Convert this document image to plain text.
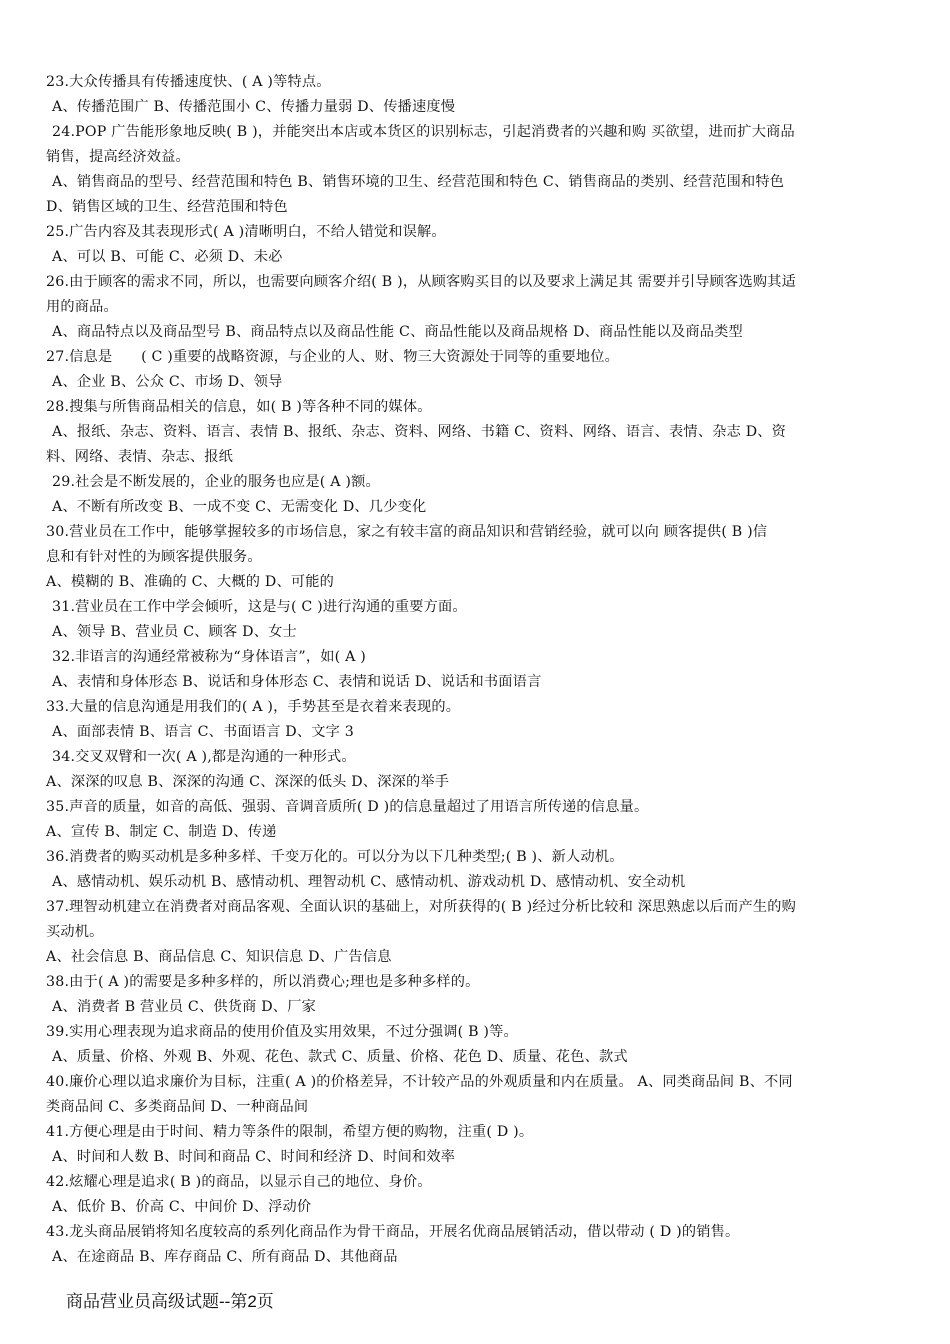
23.大众传播具有传播速度快、( A )等特点。
A、传播范围广 B、传播范围小 C、传播力量弱 D、传播速度慢
24.POP 广告能形象地反映( B )，并能突出本店或本货区的识别标志，引起消费者的兴趣和购 买欲望，进而扩大商品
销售，提高经济效益。
A、销售商品的型号、经营范围和特色 B、销售环境的卫生、经营范围和特色 C、销售商品的类别、经营范围和特色
D、销售区域的卫生、经营范围和特色
25.广告内容及其表现形式( A )清晰明白，不给人错觉和误解。
A、可以 B、可能 C、必须 D、未必
26.由于顾客的需求不同，所以，也需要向顾客介绍( B )，从顾客购买目的以及要求上满足其 需要并引导顾客选购其适
用的商品。
A、商品特点以及商品型号 B、商品特点以及商品性能 C、商品性能以及商品规格 D、商品性能以及商品类型
27.信息是　　( C )重要的战略资源，与企业的人、财、物三大资源处于同等的重要地位。
A、企业 B、公众 C、市场 D、领导
28.搜集与所售商品相关的信息，如( B )等各种不同的媒体。
A、报纸、杂志、资料、语言、表情 B、报纸、杂志、资料、网络、书籍 C、资料、网络、语言、表情、杂志 D、资
料、网络、表情、杂志、报纸
29.社会是不断发展的，企业的服务也应是( A )额。
A、不断有所改变 B、一成不变 C、无需变化 D、几少变化
30.营业员在工作中，能够掌握较多的市场信息，家之有较丰富的商品知识和营销经验，就可以向 顾客提供( B )信
息和有针对性的为顾客提供服务。
A、模糊的 B、准确的 C、大概的 D、可能的
31.营业员在工作中学会倾听，这是与( C )进行沟通的重要方面。
A、领导 B、营业员 C、顾客 D、女士
32.非语言的沟通经常被称为“身体语言”，如( A )
A、表情和身体形态 B、说话和身体形态 C、表情和说话 D、说话和书面语言
33.大量的信息沟通是用我们的( A )，手势甚至是衣着来表现的。
A、面部表情 B、语言 C、书面语言 D、文字 3
34.交叉双臂和一次( A ),都是沟通的一种形式。
A、深深的叹息 B、深深的沟通 C、深深的低头 D、深深的举手
35.声音的质量，如音的高低、强弱、音调音质所( D )的信息量超过了用语言所传递的信息量。
A、宣传 B、制定 C、制造 D、传递
36.消费者的购买动机是多种多样、千变万化的。可以分为以下几种类型;( B )、新人动机。
A、感情动机、娱乐动机 B、感情动机、理智动机 C、感情动机、游戏动机 D、感情动机、安全动机
37.理智动机建立在消费者对商品客观、全面认识的基础上，对所获得的( B )经过分析比较和 深思熟虑以后而产生的购
买动机。
A、社会信息 B、商品信息 C、知识信息 D、广告信息
38.由于( A )的需要是多种多样的，所以消费心;理也是多种多样的。
A、消费者 B 营业员 C、供货商 D、厂家
39.实用心理表现为追求商品的使用价值及实用效果，不过分强调( B )等。
A、质量、价格、外观 B、外观、花色、款式 C、质量、价格、花色 D、质量、花色、款式
40.廉价心理以追求廉价为目标，注重( A )的价格差异，不计较产品的外观质量和内在质量。 A、同类商品间 B、不同
类商品间 C、多类商品间 D、一种商品间
41.方便心理是由于时间、精力等条件的限制，希望方便的购物，注重( D )。
A、时间和人数 B、时间和商品 C、时间和经济 D、时间和效率
42.炫耀心理是追求( B )的商品，以显示自己的地位、身价。
A、低价 B、价高 C、中间价 D、浮动价
43.龙头商品展销将知名度较高的系列化商品作为骨干商品，开展名优商品展销活动，借以带动 ( D )的销售。
A、在途商品 B、库存商品 C、所有商品 D、其他商品
商品营业员高级试题--第2页
